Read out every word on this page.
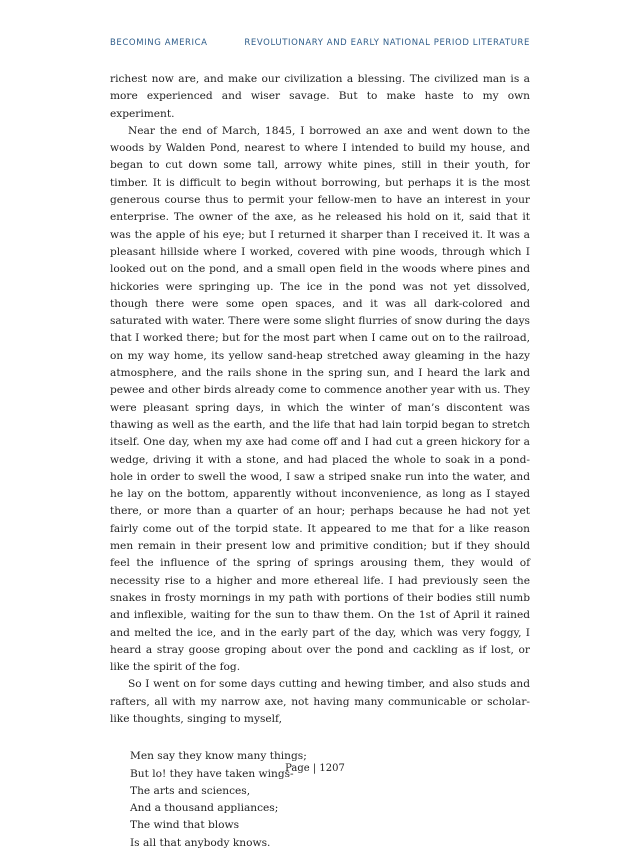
BECOMING AMERICA	REVOLUTIONARY AND EARLY NATIONAL PERIOD LITERATURE

richest now are, and make our civilization a blessing. The civilized man is a more experienced and wiser savage. But to make haste to my own experiment.

Near the end of March, 1845, I borrowed an axe and went down to the woods by Walden Pond, nearest to where I intended to build my house, and began to cut down some tall, arrowy white pines, still in their youth, for timber. It is difficult to begin without borrowing, but perhaps it is the most generous course thus to permit your fellow-men to have an interest in your enterprise. The owner of the axe, as he released his hold on it, said that it was the apple of his eye; but I returned it sharper than I received it. It was a pleasant hillside where I worked, covered with pine woods, through which I looked out on the pond, and a small open field in the woods where pines and hickories were springing up. The ice in the pond was not yet dissolved, though there were some open spaces, and it was all dark-colored and saturated with water. There were some slight flurries of snow during the days that I worked there; but for the most part when I came out on to the railroad, on my way home, its yellow sand-heap stretched away gleaming in the hazy atmosphere, and the rails shone in the spring sun, and I heard the lark and pewee and other birds already come to commence another year with us. They were pleasant spring days, in which the winter of man’s discontent was thawing as well as the earth, and the life that had lain torpid began to stretch itself. One day, when my axe had come off and I had cut a green hickory for a wedge, driving it with a stone, and had placed the whole to soak in a pond-hole in order to swell the wood, I saw a striped snake run into the water, and he lay on the bottom, apparently without inconvenience, as long as I stayed there, or more than a quarter of an hour; perhaps because he had not yet fairly come out of the torpid state. It appeared to me that for a like reason men remain in their present low and primitive condition; but if they should feel the influence of the spring of springs arousing them, they would of necessity rise to a higher and more ethereal life. I had previously seen the snakes in frosty mornings in my path with portions of their bodies still numb and inflexible, waiting for the sun to thaw them. On the 1st of April it rained and melted the ice, and in the early part of the day, which was very foggy, I heard a stray goose groping about over the pond and cackling as if lost, or like the spirit of the fog.

So I went on for some days cutting and hewing timber, and also studs and rafters, all with my narrow axe, not having many communicable or scholar-like thoughts, singing to myself,

Men say they know many things;
But lo! they have taken wings-
The arts and sciences,
And a thousand appliances;
The wind that blows
Is all that anybody knows.
Page | 1207
